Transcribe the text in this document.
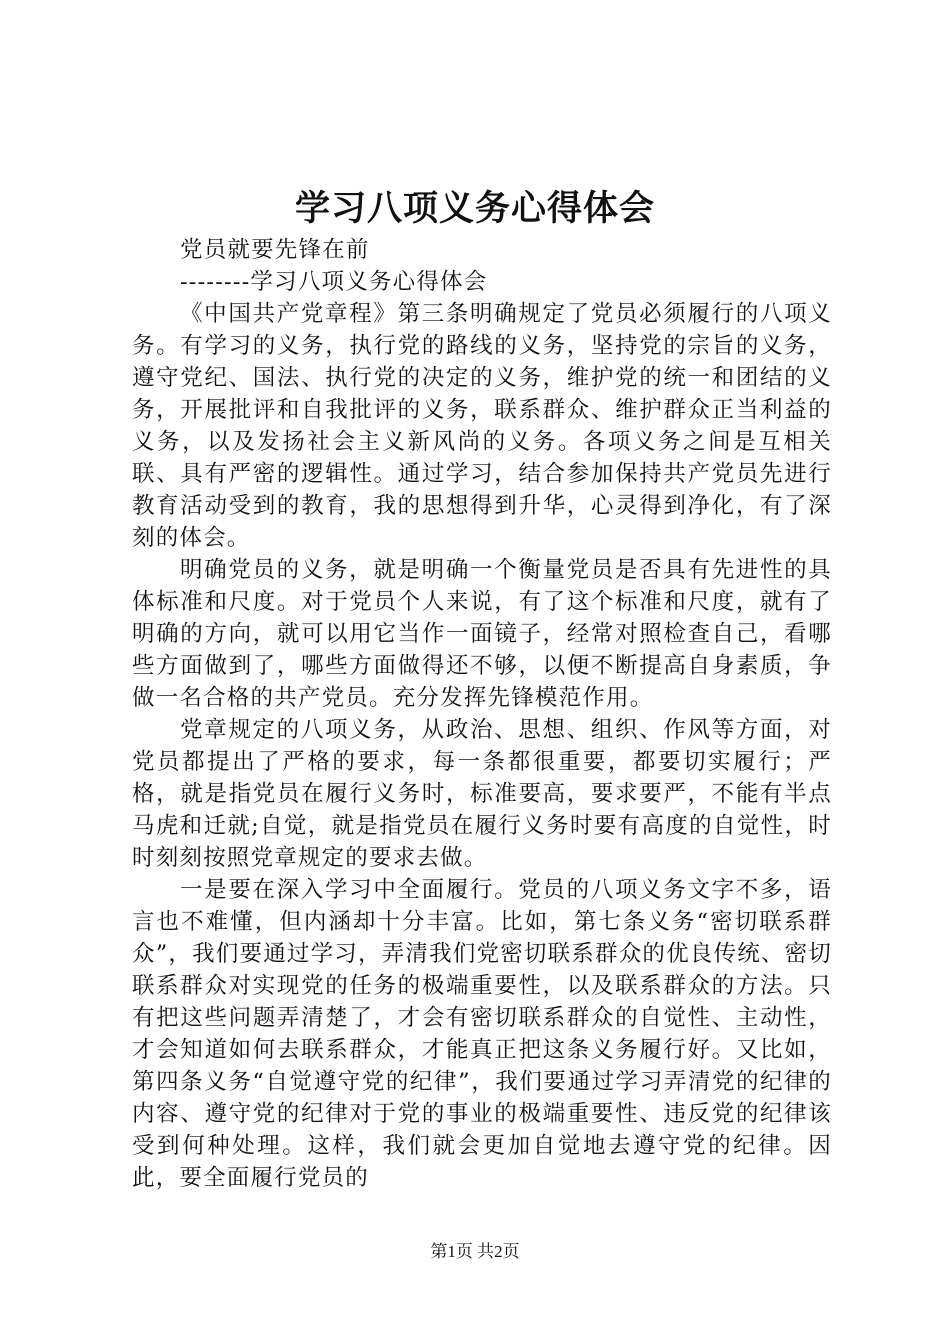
学习八项义务心得体会

党员就要先锋在前

--------学习八项义务心得体会

《中国共产党章程》第三条明确规定了党员必须履行的八项义务。有学习的义务，执行党的路线的义务，坚持党的宗旨的义务，遵守党纪、国法、执行党的决定的义务，维护党的统一和团结的义务，开展批评和自我批评的义务，联系群众、维护群众正当利益的义务，以及发扬社会主义新风尚的义务。各项义务之间是互相关联、具有严密的逻辑性。通过学习，结合参加保持共产党员先进行教育活动受到的教育，我的思想得到升华，心灵得到净化，有了深刻的体会。

明确党员的义务，就是明确一个衡量党员是否具有先进性的具体标准和尺度。对于党员个人来说，有了这个标准和尺度，就有了明确的方向，就可以用它当作一面镜子，经常对照检查自己，看哪些方面做到了，哪些方面做得还不够，以便不断提高自身素质，争做一名合格的共产党员。充分发挥先锋模范作用。

党章规定的八项义务，从政治、思想、组织、作风等方面，对党员都提出了严格的要求，每一条都很重要，都要切实履行；严格，就是指党员在履行义务时，标准要高，要求要严，不能有半点马虎和迁就;自觉，就是指党员在履行义务时要有高度的自觉性，时时刻刻按照党章规定的要求去做。

一是要在深入学习中全面履行。党员的八项义务文字不多，语言也不难懂，但内涵却十分丰富。比如，第七条义务“密切联系群众”，我们要通过学习，弄清我们党密切联系群众的优良传统、密切联系群众对实现党的任务的极端重要性，以及联系群众的方法。只有把这些问题弄清楚了，才会有密切联系群众的自觉性、主动性，才会知道如何去联系群众，才能真正把这条义务履行好。又比如，第四条义务“自觉遵守党的纪律”，我们要通过学习弄清党的纪律的内容、遵守党的纪律对于党的事业的极端重要性、违反党的纪律该受到何种处理。这样，我们就会更加自觉地去遵守党的纪律。因此，要全面履行党员的

第1页 共2页
